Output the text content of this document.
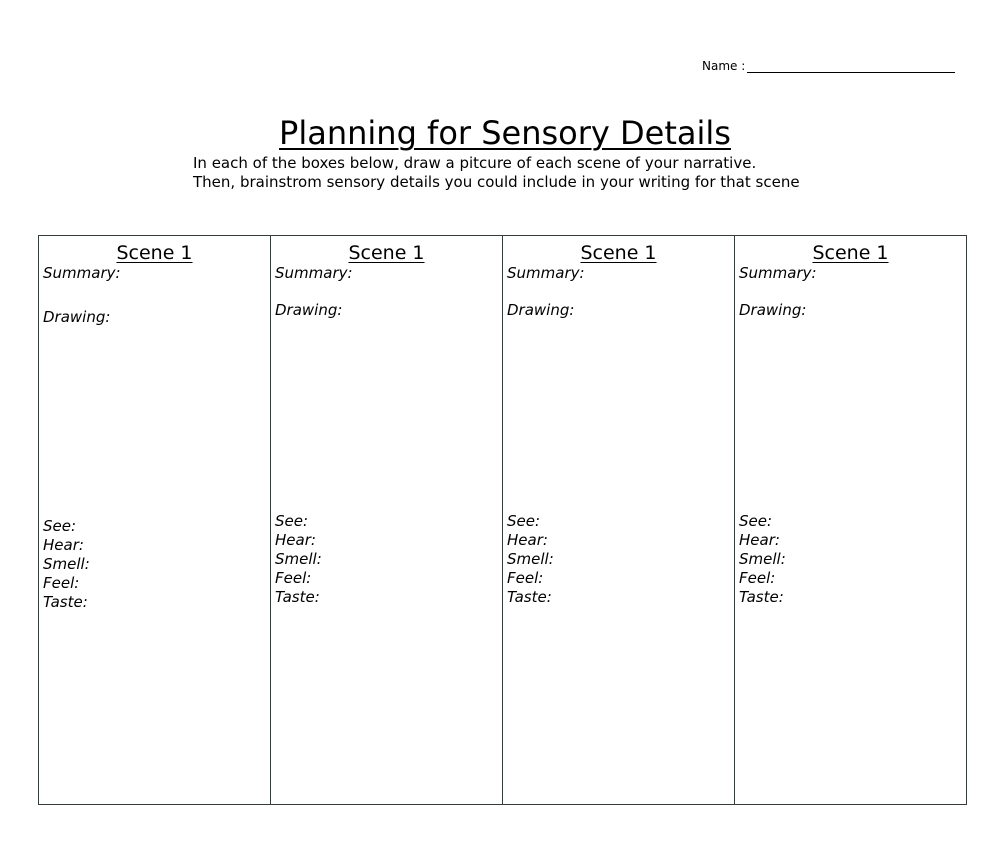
Name :
Planning for Sensory Details
In each of the boxes below, draw a pitcure of each scene of your narrative.
Then, brainstrom sensory details you could include in your writing for that scene
Scene 1
Summary:
Drawing:
See:
Hear:
Smell:
Feel:
Taste:
Scene 1
Summary:
Drawing:
See:
Hear:
Smell:
Feel:
Taste:
Scene 1
Summary:
Drawing:
See:
Hear:
Smell:
Feel:
Taste:
Scene 1
Summary:
Drawing:
See:
Hear:
Smell:
Feel:
Taste:
